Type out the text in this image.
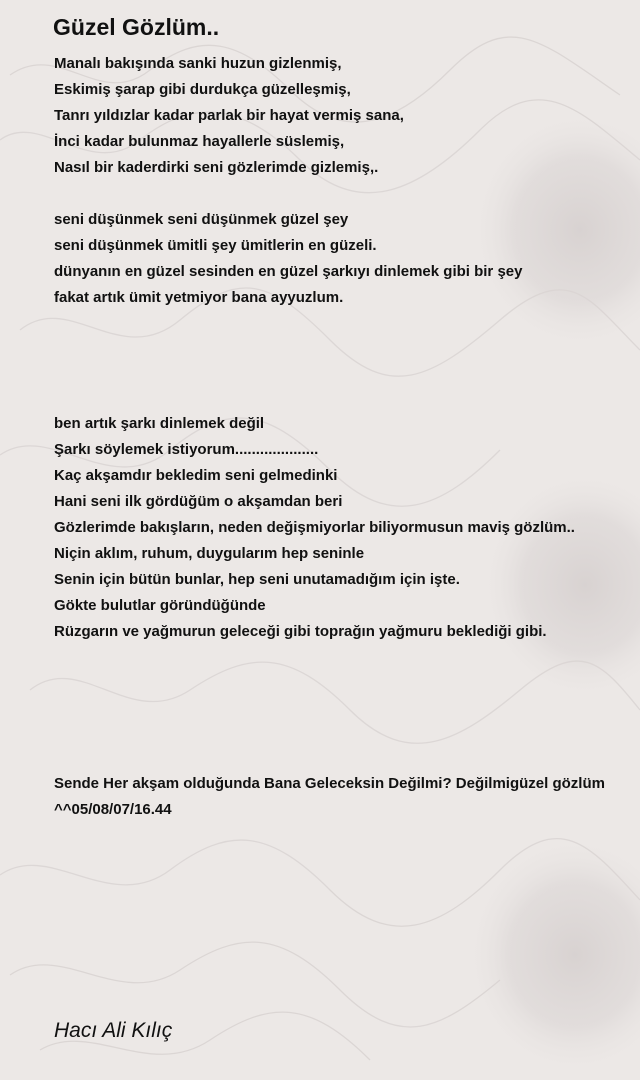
Güzel Gözlüm..
Manalı bakışında sanki huzun gizlenmiş,
Eskimiş şarap gibi durdukça güzelleşmiş,
Tanrı yıldızlar kadar parlak bir hayat vermiş sana,
İnci kadar bulunmaz hayallerle süslemiş,
Nasıl bir kaderdirki seni gözlerimde gizlemiş,.
seni düşünmek seni düşünmek güzel şey
seni düşünmek ümitli şey ümitlerin en güzeli.
dünyanın en güzel sesinden en güzel şarkıyı dinlemek gibi bir şey
fakat artık ümit yetmiyor bana ayyuzlum.
ben artık şarkı dinlemek değil
Şarkı söylemek istiyorum....................
Kaç akşamdır bekledim seni gelmedinki
Hani seni ilk gördüğüm o akşamdan beri
Gözlerimde bakışların, neden değişmiyorlar biliyormusun maviş gözlüm..
Niçin aklım, ruhum, duygularım hep seninle
Senin için bütün bunlar, hep seni unutamadığım için işte.
Gökte bulutlar göründüğünde
Rüzgarın ve yağmurun geleceği gibi toprağın yağmuru beklediği gibi.
Sende Her akşam olduğunda Bana Geleceksin Değilmi? Değilmigüzel gözlüm
^^05/08/07/16.44
Hacı Ali Kılıç
